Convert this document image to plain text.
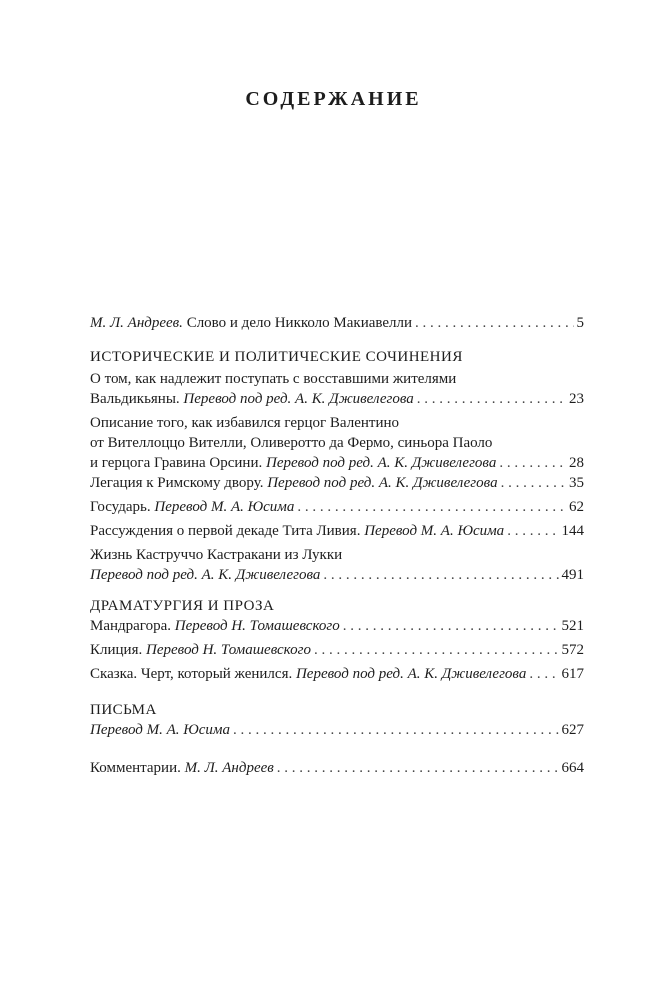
СОДЕРЖАНИЕ
М. Л. Андреев. Слово и дело Никколо Макиавелли . . .	5
ИСТОРИЧЕСКИЕ И ПОЛИТИЧЕСКИЕ СОЧИНЕНИЯ
О том, как надлежит поступать с восставшими жителями
Вальдикьяны. Перевод под ред. А. К. Дживелегова . . .	23
Описание того, как избавился герцог Валентино
от Вителлоццо Вителли, Оливеротто да Фермо, синьора Паоло
и герцога Гравина Орсини. Перевод под ред. А. К. Дживелегова . . .	28
Легация к Римскому двору. Перевод под ред. А. К. Дживелегова . . .	35
Государь. Перевод М. А. Юсима . . .	62
Рассуждения о первой декаде Тита Ливия. Перевод М. А. Юсима . . .	144
Жизнь Каструччо Кастракани из Лукки
Перевод под ред. А. К. Дживелегова . . .	491
ДРАМАТУРГИЯ И ПРОЗА
Мандрагора. Перевод Н. Томашевского . . .	521
Клиция. Перевод Н. Томашевского . . .	572
Сказка. Черт, который женился. Перевод под ред. А. К. Дживелегова . . . 617
ПИСЬМА
Перевод М. А. Юсима . . .	627
Комментарии. М. Л. Андреев . . .	664
